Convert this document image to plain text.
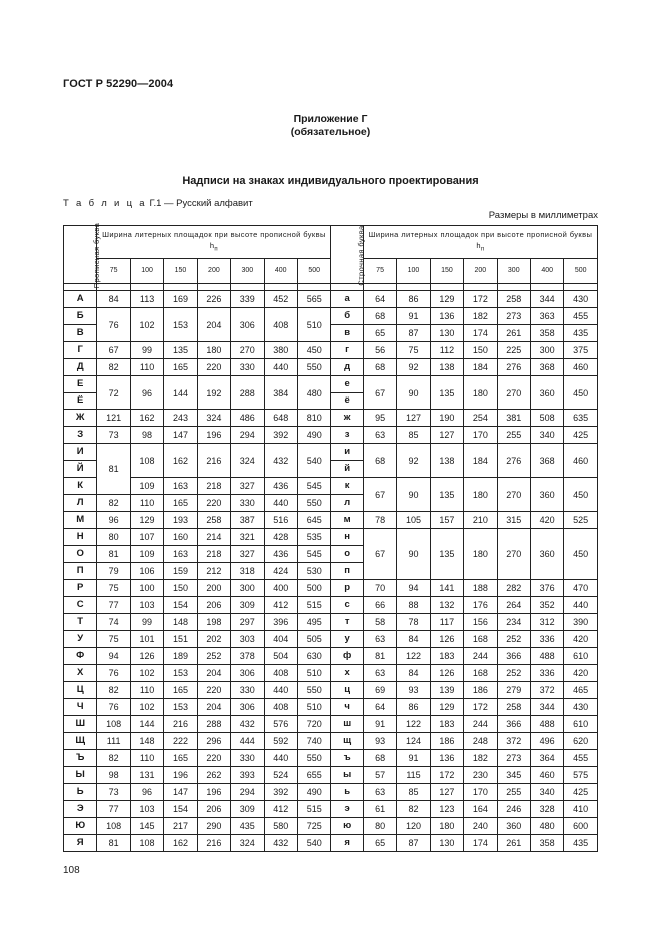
ГОСТ Р 52290—2004
Приложение Г
(обязательное)
Надписи на знаках индивидуального проектирования
Т а б л и ц а Г.1 — Русский алфавит
Размеры в миллиметрах
Прописная буква	Ширина литерных площадок при высоте прописной буквы $h_п$							Строчная буква	Ширина литерных площадок при высоте прописной буквы $h_п$
	75	100	150	200	300	400	500		75	100	150	200	300	400	500

А	84	113	169	226	339	452	565	а	64	86	129	172	258	344	430
Б	76	102	153	204	306	408	510	б	68	91	136	182	273	363	455
В								в	65	87	130	174	261	358	435
Г	67	99	135	180	270	380	450	г	56	75	112	150	225	300	375
Д	82	110	165	220	330	440	550	д	68	92	138	184	276	368	460
Е	72	96	144	192	288	384	480	е	67	90	135	180	270	360	450
Ё								ё							
Ж	121	162	243	324	486	648	810	ж	95	127	190	254	381	508	635
З	73	98	147	196	294	392	490	з	63	85	127	170	255	340	425
И	81	108	162	216	324	432	540	и	68	92	138	184	276	368	460
Й								й							
К		109	163	218	327	436	545	к	67	90	135	180	270	360	450
Л	82	110	165	220	330	440	550	л							
М	96	129	193	258	387	516	645	м	78	105	157	210	315	420	525
Н	80	107	160	214	321	428	535	н	67	90	135	180	270	360	450
О	81	109	163	218	327	436	545	о							
П	79	106	159	212	318	424	530	п							
Р	75	100	150	200	300	400	500	р	70	94	141	188	282	376	470
С	77	103	154	206	309	412	515	с	66	88	132	176	264	352	440
Т	74	99	148	198	297	396	495	т	58	78	117	156	234	312	390
У	75	101	151	202	303	404	505	у	63	84	126	168	252	336	420
Ф	94	126	189	252	378	504	630	ф	81	122	183	244	366	488	610
Х	76	102	153	204	306	408	510	х	63	84	126	168	252	336	420
Ц	82	110	165	220	330	440	550	ц	69	93	139	186	279	372	465
Ч	76	102	153	204	306	408	510	ч	64	86	129	172	258	344	430
Ш	108	144	216	288	432	576	720	ш	91	122	183	244	366	488	610
Щ	111	148	222	296	444	592	740	щ	93	124	186	248	372	496	620
Ъ	82	110	165	220	330	440	550	ъ	68	91	136	182	273	364	455
Ы	98	131	196	262	393	524	655	ы	57	115	172	230	345	460	575
Ь	73	96	147	196	294	392	490	ь	63	85	127	170	255	340	425
Э	77	103	154	206	309	412	515	э	61	82	123	164	246	328	410
Ю	108	145	217	290	435	580	725	ю	80	120	180	240	360	480	600
Я	81	108	162	216	324	432	540	я	65	87	130	174	261	358	435
108
